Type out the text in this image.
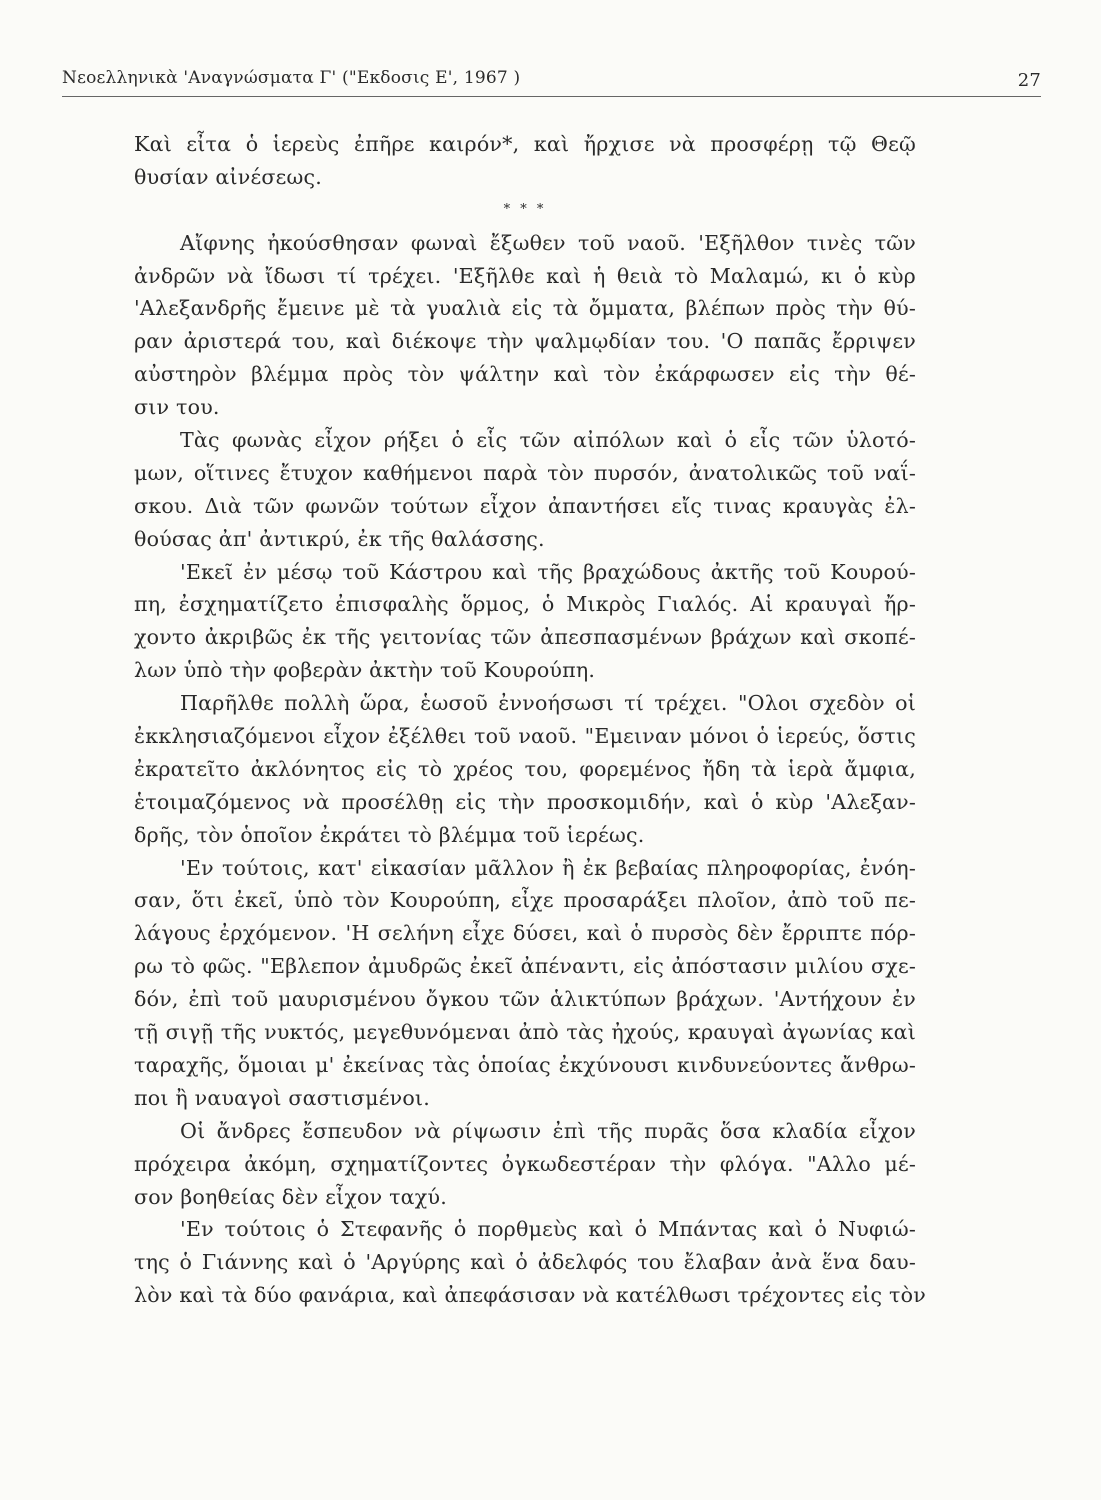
Νεοελληνικὰ 'Αναγνώσματα Γ' ("Εκδοσις Ε', 1967 )	27
Καὶ εἶτα ὁ ἱερεὺς ἐπῆρε καιρόν*, καὶ ἤρχισε νὰ προσφέρῃ τῷ Θεῷ
θυσίαν αἰνέσεως.
* * *
Αἴφνης ἠκούσθησαν φωναὶ ἔξωθεν τοῦ ναοῦ. 'Εξῆλθον τινὲς τῶν
ἀνδρῶν νὰ ἴδωσι τί τρέχει. 'Εξῆλθε καὶ ἡ θειὰ τὸ Μαλαμώ, κι ὁ κὺρ
'Αλεξανδρῆς ἔμεινε μὲ τὰ γυαλιὰ εἰς τὰ ὄμματα, βλέπων πρὸς τὴν θύ-
ραν ἀριστερά του, καὶ διέκοψε τὴν ψαλμῳδίαν του. 'Ο παπᾶς ἔρριψεν
αὐστηρὸν βλέμμα πρὸς τὸν ψάλτην καὶ τὸν ἐκάρφωσεν εἰς τὴν θέ-
σιν του.
Τὰς φωνὰς εἶχον ρήξει ὁ εἷς τῶν αἰπόλων καὶ ὁ εἷς τῶν ὑλοτό-
μων, οἵτινες ἔτυχον καθήμενοι παρὰ τὸν πυρσόν, ἀνατολικῶς τοῦ ναΐ-
σκου. Διὰ τῶν φωνῶν τούτων εἶχον ἀπαντήσει εἴς τινας κραυγὰς ἐλ-
θούσας ἀπ' ἀντικρύ, ἐκ τῆς θαλάσσης.
'Εκεῖ ἐν μέσῳ τοῦ Κάστρου καὶ τῆς βραχώδους ἀκτῆς τοῦ Κουρού-
πη, ἐσχηματίζετο ἐπισφαλὴς ὅρμος, ὁ Μικρὸς Γιαλός. Αἱ κραυγαὶ ἤρ-
χοντο ἀκριβῶς ἐκ τῆς γειτονίας τῶν ἀπεσπασμένων βράχων καὶ σκοπέ-
λων ὑπὸ τὴν φοβερὰν ἀκτὴν τοῦ Κουρούπη.
Παρῆλθε πολλὴ ὥρα, ἑωσοῦ ἐννοήσωσι τί τρέχει. "Ολοι σχεδὸν οἱ
ἐκκλησιαζόμενοι εἶχον ἐξέλθει τοῦ ναοῦ. "Εμειναν μόνοι ὁ ἱερεύς, ὅστις
ἐκρατεῖτο ἀκλόνητος εἰς τὸ χρέος του, φορεμένος ἤδη τὰ ἱερὰ ἄμφια,
ἑτοιμαζόμενος νὰ προσέλθῃ εἰς τὴν προσκομιδήν, καὶ ὁ κὺρ 'Αλεξαν-
δρῆς, τὸν ὁποῖον ἐκράτει τὸ βλέμμα τοῦ ἱερέως.
'Εν τούτοις, κατ' εἰκασίαν μᾶλλον ἢ ἐκ βεβαίας πληροφορίας, ἐνόη-
σαν, ὅτι ἐκεῖ, ὑπὸ τὸν Κουρούπη, εἶχε προσαράξει πλοῖον, ἀπὸ τοῦ πε-
λάγους ἐρχόμενον. 'Η σελήνη εἶχε δύσει, καὶ ὁ πυρσὸς δὲν ἔρριπτε πόρ-
ρω τὸ φῶς. "Εβλεπον ἀμυδρῶς ἐκεῖ ἀπέναντι, εἰς ἀπόστασιν μιλίου σχε-
δόν, ἐπὶ τοῦ μαυρισμένου ὄγκου τῶν ἁλικτύπων βράχων. 'Αντήχουν ἐν
τῇ σιγῇ τῆς νυκτός, μεγεθυνόμεναι ἀπὸ τὰς ἠχούς, κραυγαὶ ἀγωνίας καὶ
ταραχῆς, ὅμοιαι μ' ἐκείνας τὰς ὁποίας ἐκχύνουσι κινδυνεύοντες ἄνθρω-
ποι ἢ ναυαγοὶ σαστισμένοι.
Οἱ ἄνδρες ἔσπευδον νὰ ρίψωσιν ἐπὶ τῆς πυρᾶς ὅσα κλαδία εἶχον
πρόχειρα ἀκόμη, σχηματίζοντες ὀγκωδεστέραν τὴν φλόγα. "Αλλο μέ-
σον βοηθείας δὲν εἶχον ταχύ.
'Εν τούτοις ὁ Στεφανῆς ὁ πορθμεὺς καὶ ὁ Μπάντας καὶ ὁ Νυφιώ-
της ὁ Γιάννης καὶ ὁ 'Αργύρης καὶ ὁ ἀδελφός του ἔλαβαν ἀνὰ ἕνα δαυ-
λὸν καὶ τὰ δύο φανάρια, καὶ ἀπεφάσισαν νὰ κατέλθωσι τρέχοντες εἰς τὸν
